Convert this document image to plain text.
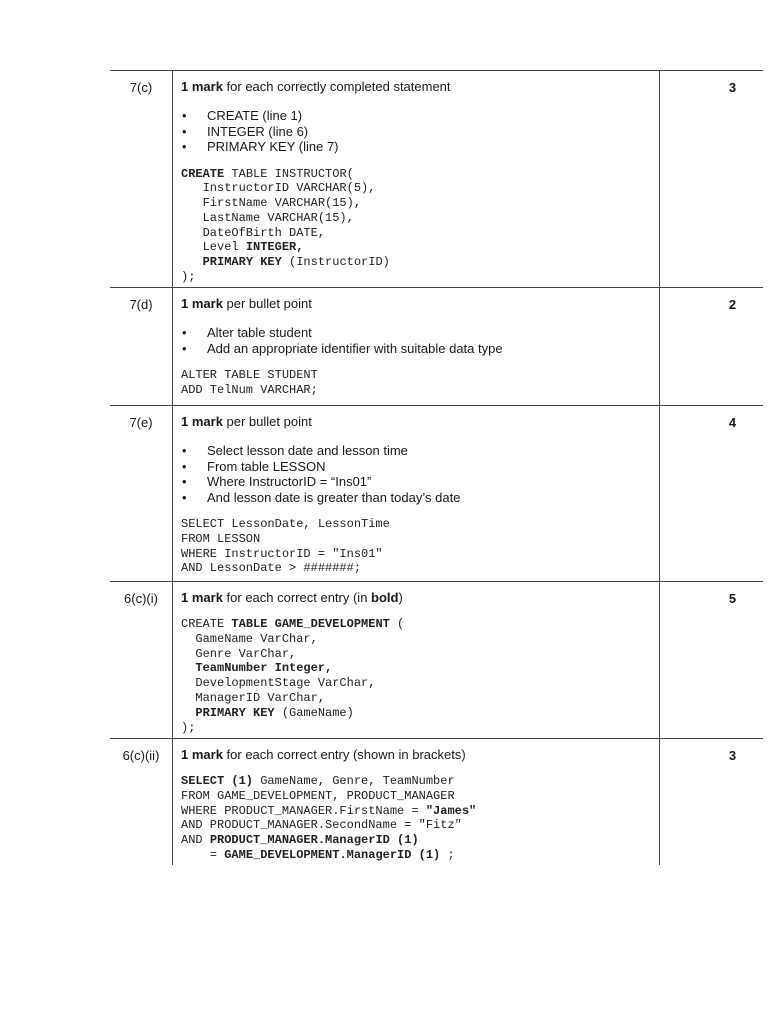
7(c)	1 mark for each correctly completed statement
• CREATE (line 1)
• INTEGER (line 6)
• PRIMARY KEY (line 7)
CREATE TABLE INSTRUCTOR(
InstructorID VARCHAR(5),
FirstName VARCHAR(15),
LastName VARCHAR(15),
DateOfBirth DATE,
Level INTEGER,
PRIMARY KEY (InstructorID)
);
3
7(d)	1 mark per bullet point
• Alter table student
• Add an appropriate identifier with suitable data type
ALTER TABLE STUDENT
ADD TelNum VARCHAR;
2
7(e)	1 mark per bullet point
• Select lesson date and lesson time
• From table LESSON
• Where InstructorID = “Ins01”
• And lesson date is greater than today’s date
SELECT LessonDate, LessonTime
FROM LESSON
WHERE InstructorID = "Ins01"
AND LessonDate > #######;
4
6(c)(i)	1 mark for each correct entry (in bold)
CREATE TABLE GAME_DEVELOPMENT (
GameName VarChar,
Genre VarChar,
TeamNumber Integer,
DevelopmentStage VarChar,
ManagerID VarChar,
PRIMARY KEY (GameName)
);
5
6(c)(ii)	1 mark for each correct entry (shown in brackets)
SELECT (1) GameName, Genre, TeamNumber
FROM GAME_DEVELOPMENT, PRODUCT_MANAGER
WHERE PRODUCT_MANAGER.FirstName = "James"
AND PRODUCT_MANAGER.SecondName = "Fitz"
AND PRODUCT_MANAGER.ManagerID (1)
= GAME_DEVELOPMENT.ManagerID (1) ;
3
